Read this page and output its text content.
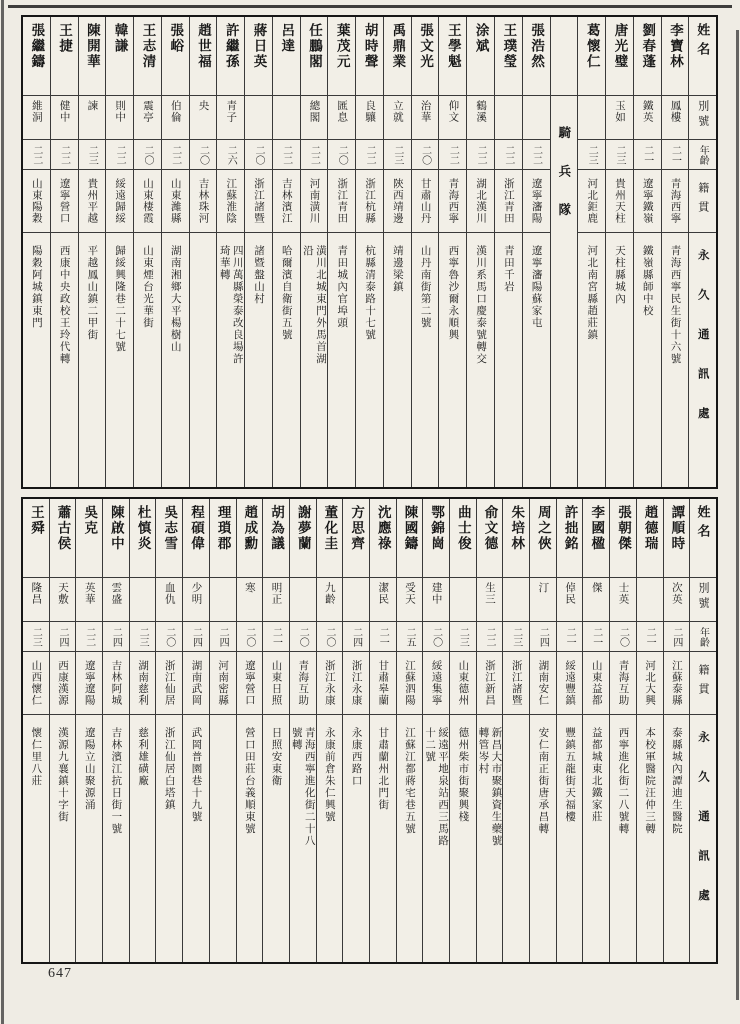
張繼鑄
維洞
二二
山東陽穀
陽穀阿城鎮東門
王捷
健中
二二
遼寧營口
西康中央政校王玲代轉
陳開華
諫
二三
貴州平越
平越鳳山鎮二甲街
韓謙
則中
二二
綏遠歸綏
歸綏興隆巷二十七號
王志清
震亭
二〇
山東棲霞
山東煙台光華街
張峪
伯倫
二二
山東濰縣
湖南湘鄉大平楊樹山
趙世福
央
二〇
吉林珠河
許繼孫
青子
二六
江蘇淮陰
四川萬縣榮泰改良場許琦華轉
蔣日英
二〇
浙江諸暨
諸暨盤山村
呂達
二二
吉林濱江
哈爾濱自衛街五號
任鵬閣
總閣
二二
河南潢川
潢川北城東門外馬首湖沿
葉茂元
匯息
二〇
浙江青田
青田城內官埠頭
胡時聲
良驤
二二
浙江杭縣
杭縣清泰路十七號
禹鼎業
立就
二三
陝西靖邊
靖邊梁鎮
張文光
治華
二〇
甘肅山丹
山丹南街第二號
王學魁
仰文
二二
青海西寧
西寧魯沙爾永順興
涂斌
鶴溪
二二
湖北漢川
漢川系馬口慶泰號轉交
王璞瑩
二二
浙江青田
青田千岩
張浩然
二二
遼寧瀋陽
遼寧瀋陽蘇家屯
騎兵隊
葛懷仁
二三
河北鉅鹿
河北南宮縣趙莊鎮
唐光璧
玉如
二三
貴州天柱
天柱縣城內
劉春蓬
鐵英
二一
遼寧鐵嶺
鐵嶺縣師中校
李寶林
鳳樓
二一
青海西寧
青海西寧民生街十六號
姓名
別號
年齡
籍貫
永久通訊處
王舜
隆昌
二三
山西懷仁
懷仁里八莊
蕭古侯
天敷
二四
西康漢源
漢源九襄鎮十字街
吳克
英華
二二
遼寧遼陽
遼陽立山聚源涌
陳啟中
雲盛
二四
吉林阿城
吉林濱江抗日街一號
杜慎炎
二三
湖南慈利
慈利雄磺廠
吳志雪
血仇
二〇
浙江仙居
浙江仙居白塔鎮
程碩偉
少明
二四
湖南武岡
武岡普園巷十九號
理瑣郡
二四
河南密縣
趙成勳
寒
二〇
遼寧營口
營口田莊台義順東號
胡為議
明正
二一
山東日照
日照安東衛
謝夢蘭
二〇
青海互助
青海西寧進化街二十八號轉
董化圭
九齡
二〇
浙江永康
永康前倉朱仁興號
方思齊
二四
浙江永康
永康西路口
沈應祿
潔民
二一
甘肅皋蘭
甘肅蘭州北門街
陳國鑄
受天
二五
江蘇泗陽
江蘇江都蔣宅巷五號
鄂錦崗
建中
二〇
綏遠集寧
綏遠平地泉站西三馬路十二號
曲士俊
二三
山東德州
德州柴市街聚興棧
俞文德
生三
二二
浙江新昌
新昌大市聚鎮資生藥號轉管岑村
朱培林
二三
浙江諸暨
周之俠
汀
二四
湖南安仁
安仁南正街唐承昌轉
許拙銘
倬民
二一
綏遠豐鎮
豐鎮五龍街天福樓
李國楹
傑
二一
山東益都
益都城東北鐵家莊
張朝傑
士英
二〇
青海互助
西寧進化街二八號轉
趙德瑞
二一
河北大興
本校軍醫院汪仲三轉
譚順時
次英
二四
江蘇泰縣
泰縣城內譚迪生醫院
姓名
別號
年齡
籍貫
永久通訊處
647
